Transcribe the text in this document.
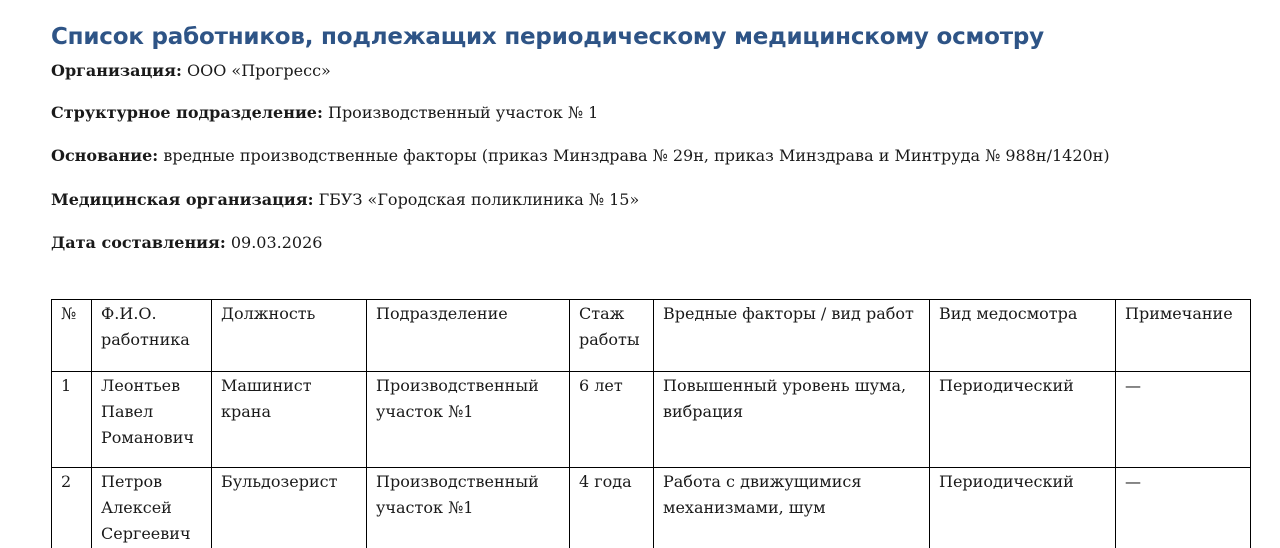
Список работников, подлежащих периодическому медицинскому осмотру

Организация: ООО «Прогресс»

Структурное подразделение: Производственный участок № 1

Основание: вредные производственные факторы (приказ Минздрава № 29н, приказ Минздрава и Минтруда № 988н/1420н)

Медицинская организация: ГБУЗ «Городская поликлиника № 15»

Дата составления: 09.03.2026

№	Ф.И.О. работника	Должность	Подразделение	Стаж работы	Вредные факторы / вид работ	Вид медосмотра	Примечание
1	Леонтьев Павел Романович	Машинист крана	Производственный участок №1	6 лет	Повышенный уровень шума, вибрация	Периодический	—
2	Петров Алексей Сергеевич	Бульдозерист	Производственный участок №1	4 года	Работа с движущимися механизмами, шум	Периодический	—
